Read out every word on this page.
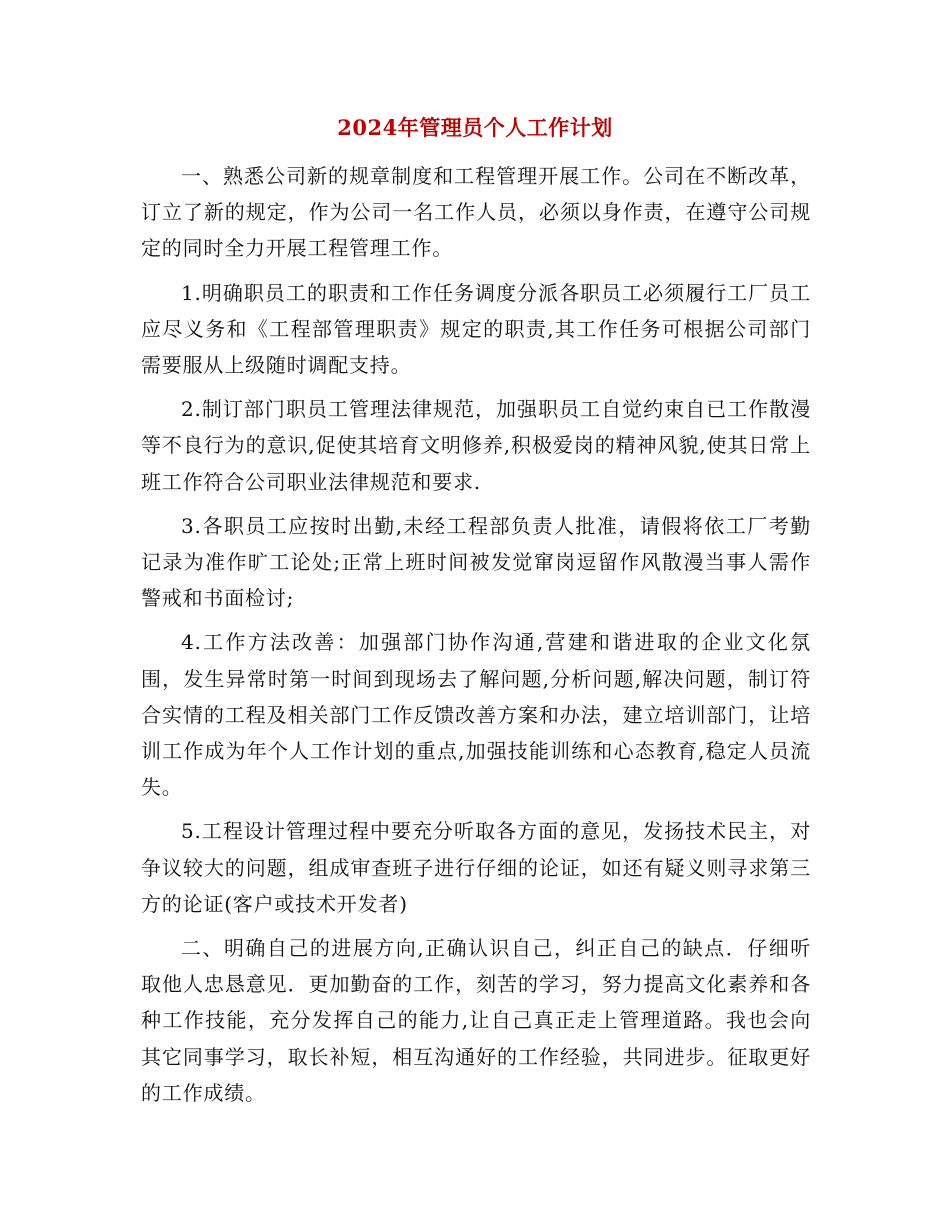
2024年管理员个人工作计划

一、熟悉公司新的规章制度和工程管理开展工作。公司在不断改革，订立了新的规定，作为公司一名工作人员，必须以身作责，在遵守公司规定的同时全力开展工程管理工作。

1.明确职员工的职责和工作任务调度分派各职员工必须履行工厂员工应尽义务和《工程部管理职责》规定的职责,其工作任务可根据公司部门需要服从上级随时调配支持。

2.制订部门职员工管理法律规范，加强职员工自觉约束自已工作散漫等不良行为的意识,促使其培育文明修养,积极爱岗的精神风貌,使其日常上班工作符合公司职业法律规范和要求.

3.各职员工应按时出勤,未经工程部负责人批准，请假将依工厂考勤记录为准作旷工论处;正常上班时间被发觉窜岗逗留作风散漫当事人需作警戒和书面检讨;

4.工作方法改善：加强部门协作沟通,营建和谐进取的企业文化氛围，发生异常时第一时间到现场去了解问题,分析问题,解决问题，制订符合实情的工程及相关部门工作反馈改善方案和办法，建立培训部门，让培训工作成为年个人工作计划的重点,加强技能训练和心态教育,稳定人员流失。

5.工程设计管理过程中要充分听取各方面的意见，发扬技术民主，对争议较大的问题，组成审查班子进行仔细的论证，如还有疑义则寻求第三方的论证(客户或技术开发者)

二、明确自己的进展方向,正确认识自己，纠正自己的缺点．仔细听取他人忠恳意见．更加勤奋的工作，刻苦的学习，努力提高文化素养和各种工作技能，充分发挥自己的能力,让自己真正走上管理道路。我也会向其它同事学习，取长补短，相互沟通好的工作经验，共同进步。征取更好的工作成绩。
